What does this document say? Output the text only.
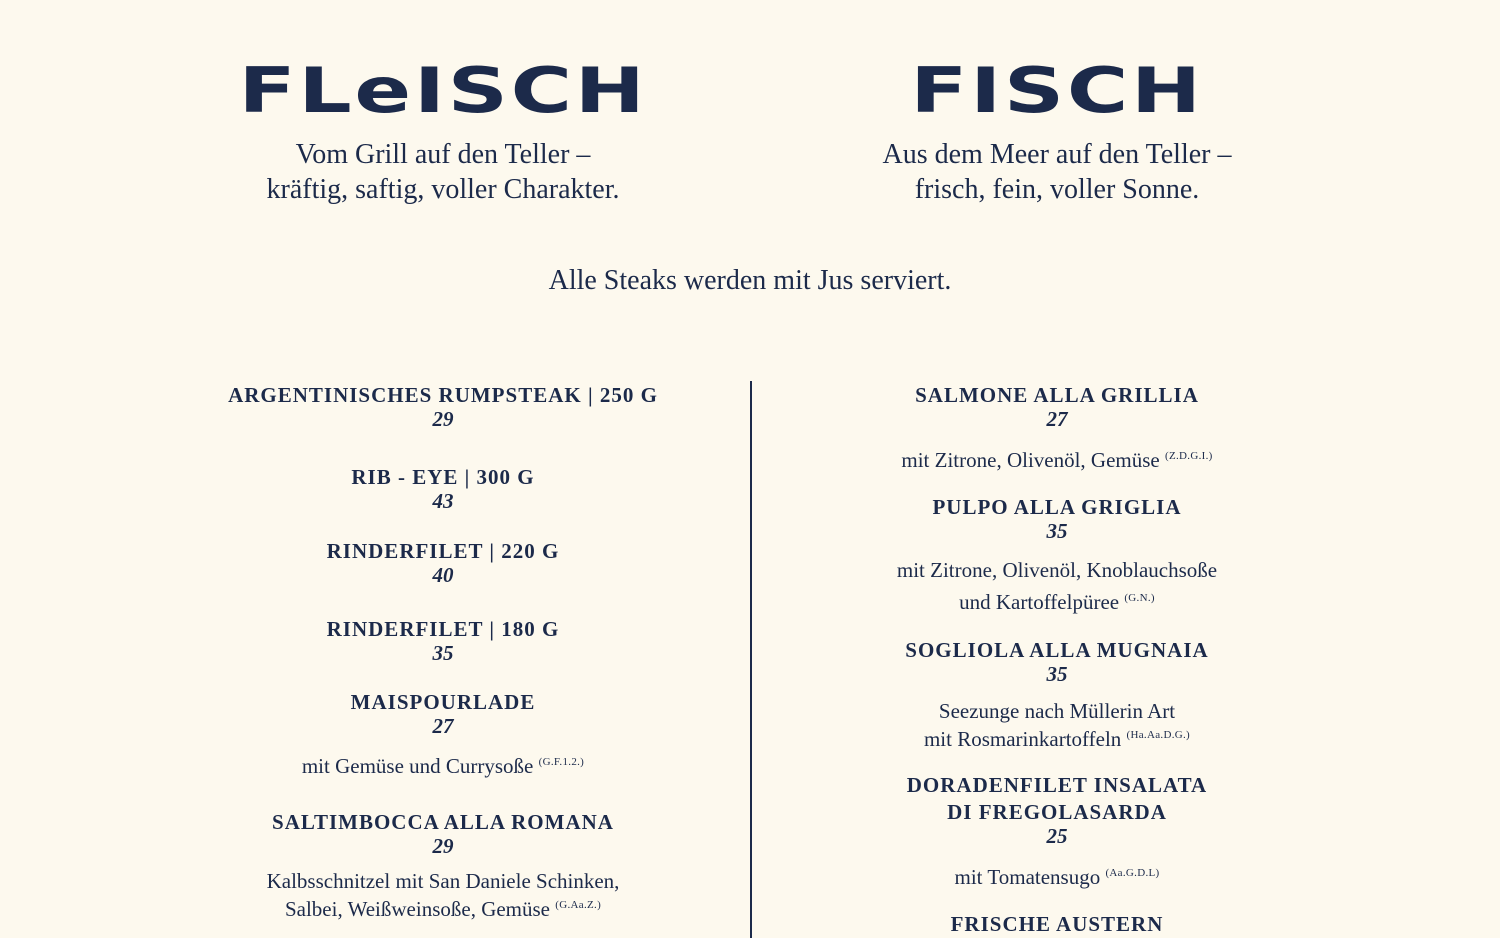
FLeISCH
Vom Grill auf den Teller –
kräftig, saftig, voller Charakter.
ARGENTINISCHES RUMPSTEAK | 250 G
29
RIB - EYE | 300 G
43
RINDERFILET | 220 G
40
RINDERFILET | 180 G
35
MAISPOURLADE
27
mit Gemüse und Currysoße $^{(G.F.1.2.)}$
SALTIMBOCCA ALLA ROMANA
29
Kalbsschnitzel mit San Daniele Schinken,
Salbei, Weißweinsoße, Gemüse $^{(G.Aa.Z.)}$
FISCH
Aus dem Meer auf den Teller –
frisch, fein, voller Sonne.
SALMONE ALLA GRILLIA
27
mit Zitrone, Olivenöl, Gemüse $^{(Z.D.G.I.)}$
PULPO ALLA GRIGLIA
35
mit Zitrone, Olivenöl, Knoblauchsoße
und Kartoffelpüree $^{(G.N.)}$
SOGLIOLA ALLA MUGNAIA
35
Seezunge nach Müllerin Art
mit Rosmarinkartoffeln $^{(Ha.Aa.D.G.)}$
DORADENFILET INSALATA
DI FREGOLASARDA
25
mit Tomatensugo $^{(Aa.G.D.L)}$
FRISCHE AUSTERN
Alle Steaks werden mit Jus serviert.
